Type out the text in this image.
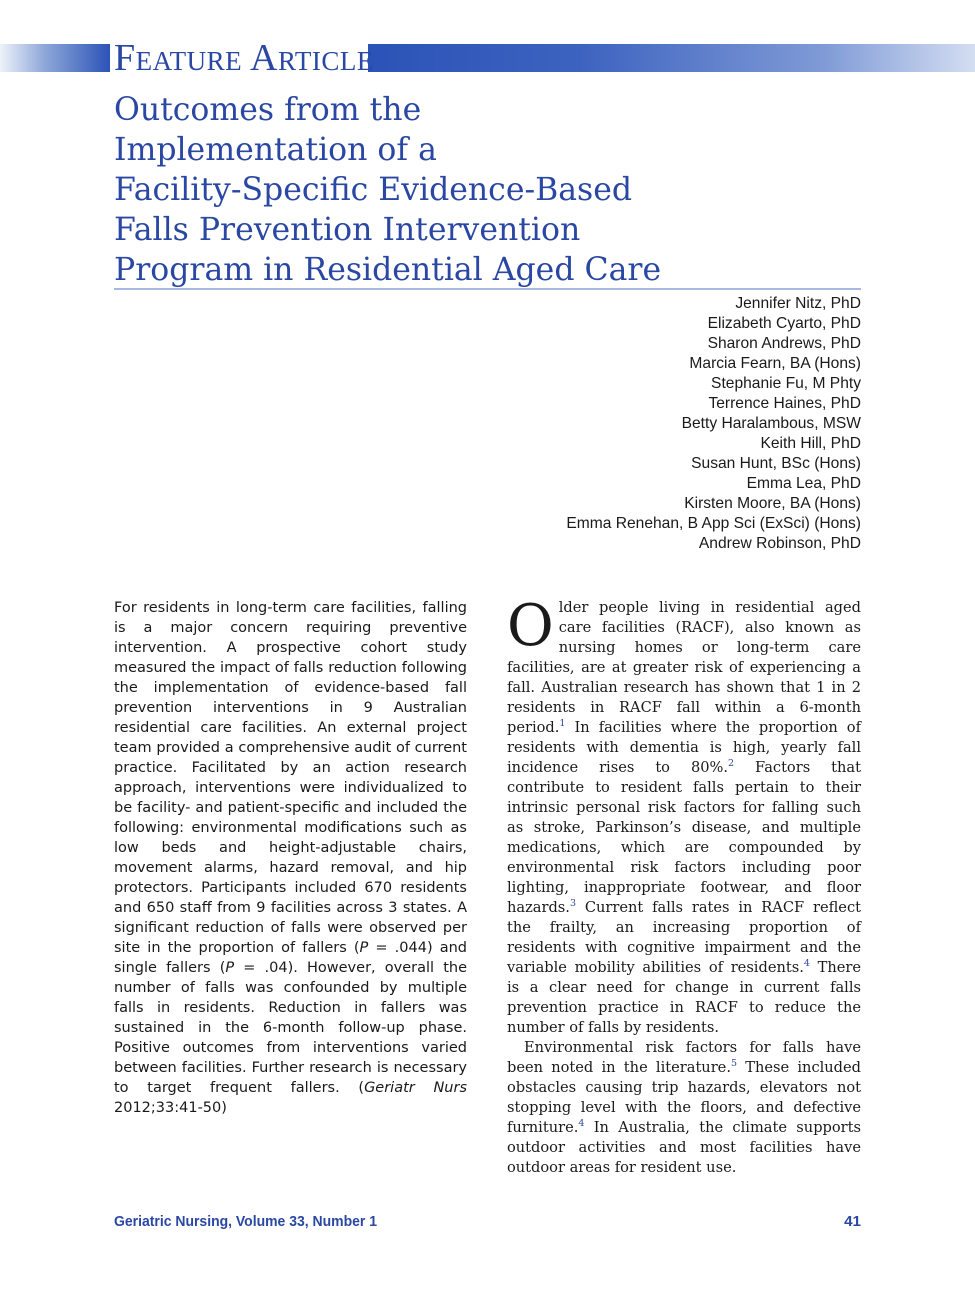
Feature Article
Outcomes from the
Implementation of a
Facility-Specific Evidence-Based
Falls Prevention Intervention
Program in Residential Aged Care
Jennifer Nitz, PhD
Elizabeth Cyarto, PhD
Sharon Andrews, PhD
Marcia Fearn, BA (Hons)
Stephanie Fu, M Phty
Terrence Haines, PhD
Betty Haralambous, MSW
Keith Hill, PhD
Susan Hunt, BSc (Hons)
Emma Lea, PhD
Kirsten Moore, BA (Hons)
Emma Renehan, B App Sci (ExSci) (Hons)
Andrew Robinson, PhD

For residents in long-term care facilities, falling is a major concern requiring preventive intervention. A prospective cohort study measured the impact of falls reduction following the implementation of evidence-based fall prevention interventions in 9 Australian residential care facilities. An external project team provided a comprehensive audit of current practice. Facilitated by an action research approach, interventions were individualized to be facility- and patient-specific and included the following: environmental modifications such as low beds and height-adjustable chairs, movement alarms, hazard removal, and hip protectors. Participants included 670 residents and 650 staff from 9 facilities across 3 states. A significant reduction of falls were observed per site in the proportion of fallers (P = .044) and single fallers (P = .04). However, overall the number of falls was confounded by multiple falls in residents. Reduction in fallers was sustained in the 6-month follow-up phase. Positive outcomes from interventions varied between facilities. Further research is necessary to target frequent fallers. (Geriatr Nurs 2012;33:41-50)

Older people living in residential aged care facilities (RACF), also known as nursing homes or long-term care facilities, are at greater risk of experiencing a fall. Australian research has shown that 1 in 2 residents in RACF fall within a 6-month period.$^1$ In facilities where the proportion of residents with dementia is high, yearly fall incidence rises to 80%.$^2$ Factors that contribute to resident falls pertain to their intrinsic personal risk factors for falling such as stroke, Parkinson’s disease, and multiple medications, which are compounded by environmental risk factors including poor lighting, inappropriate footwear, and floor hazards.$^3$ Current falls rates in RACF reflect the frailty, an increasing proportion of residents with cognitive impairment and the variable mobility abilities of residents.$^4$ There is a clear need for change in current falls prevention practice in RACF to reduce the number of falls by residents.

Environmental risk factors for falls have been noted in the literature.$^5$ These included obstacles causing trip hazards, elevators not stopping level with the floors, and defective furniture.$^4$ In Australia, the climate supports outdoor activities and most facilities have outdoor areas for resident use.

Geriatric Nursing, Volume 33, Number 1	41
